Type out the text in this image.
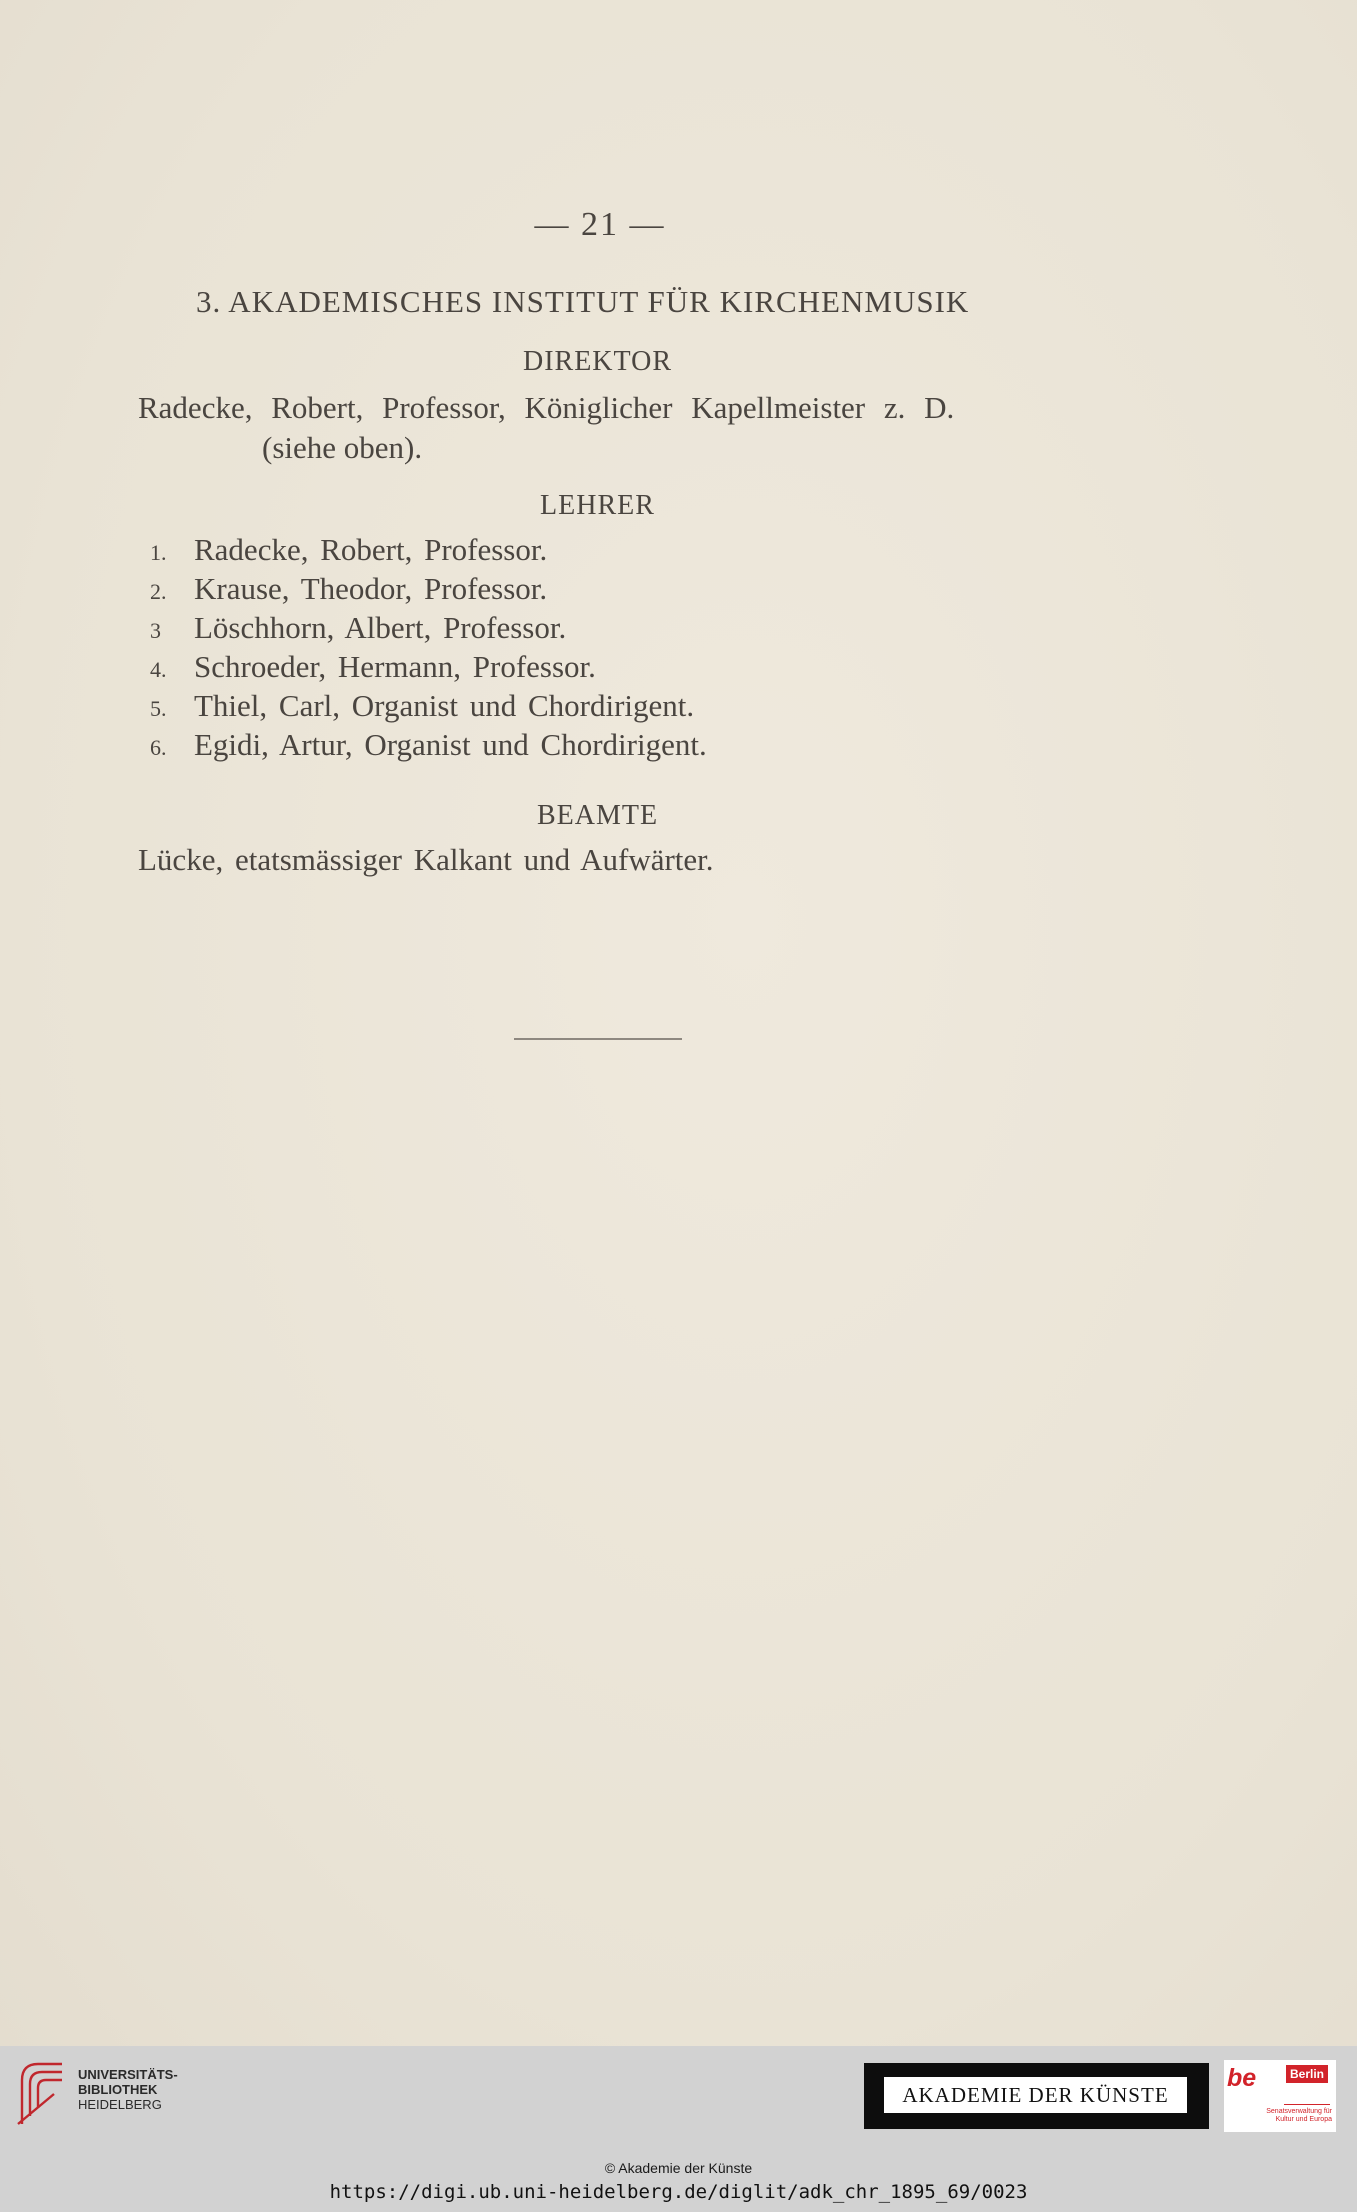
— 21 —
3. AKADEMISCHES INSTITUT FÜR KIRCHENMUSIK
DIREKTOR
Radecke, Robert, Professor, Königlicher Kapellmeister z. D.
(siehe oben).
LEHRER
1. Radecke, Robert, Professor.
2. Krause, Theodor, Professor.
3 Löschhorn, Albert, Professor.
4. Schroeder, Hermann, Professor.
5. Thiel, Carl, Organist und Chordirigent.
6. Egidi, Artur, Organist und Chordirigent.
BEAMTE
Lücke, etatsmässiger Kalkant und Aufwärter.
UNIVERSITÄTS-
BIBLIOTHEK
HEIDELBERG	AKADEMIE DER KÜNSTE
be	Berlin
Senatsverwaltung für Kultur und Europa
© Akademie der Künste
https://digi.ub.uni-heidelberg.de/diglit/adk_chr_1895_69/0023
